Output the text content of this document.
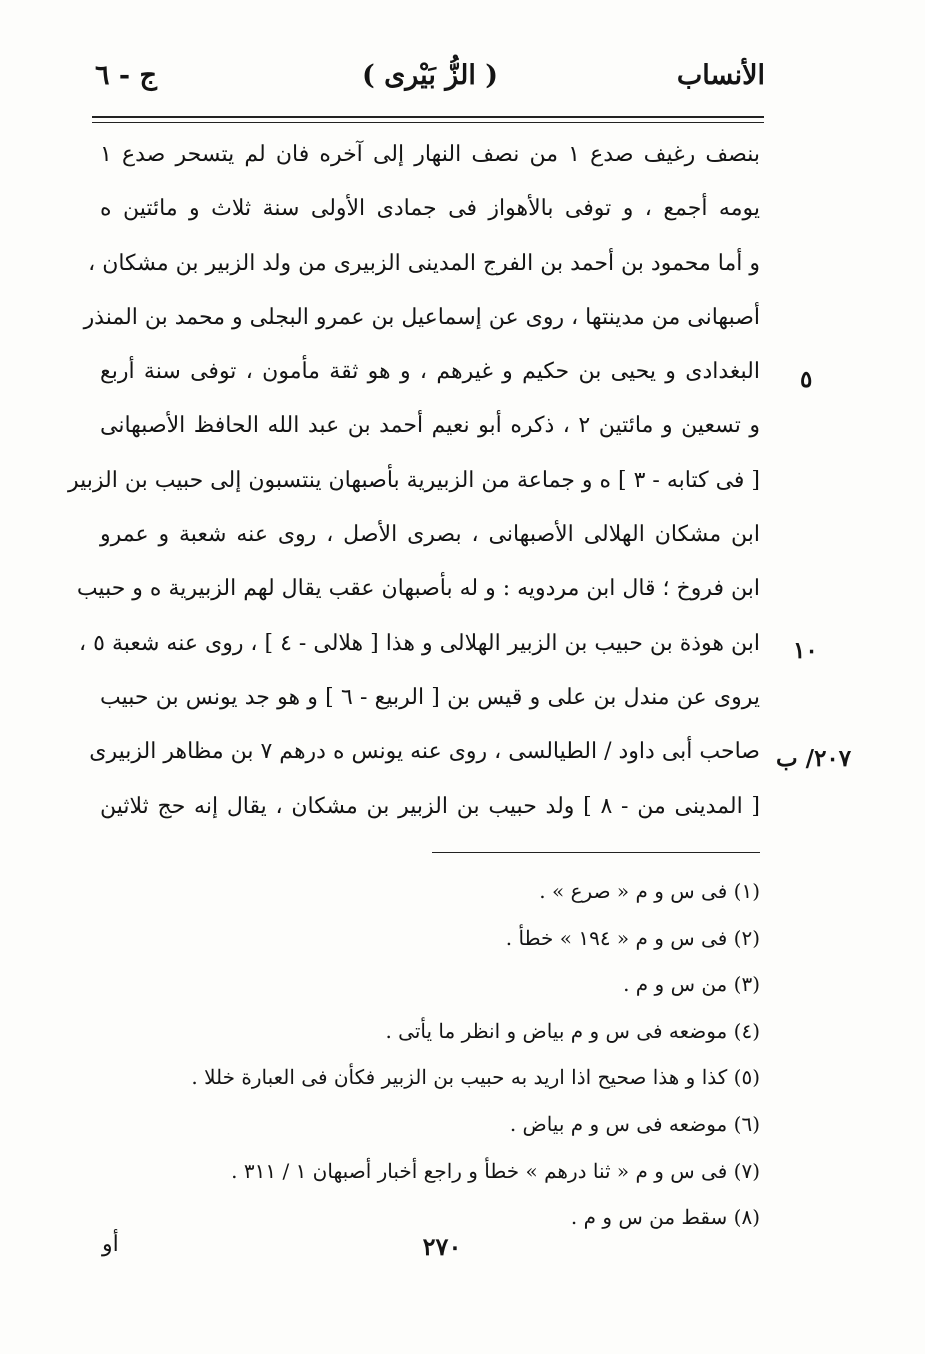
الأنساب
( الزُّ بَيْرى )
ج - ٦
بنصف رغيف صدع ١ من نصف النهار إلى آخره فان لم يتسحر صدع ١
يومه أجمع ، و توفى بالأهواز فى جمادى الأولى سنة ثلاث و مائتين ه
و أما محمود بن أحمد بن الفرج المدينى الزبيرى من ولد الزبير بن مشكان ،
أصبهانى من مدينتها ، روى عن إسماعيل بن عمرو البجلى و محمد بن المنذر
البغدادى و يحيى بن حكيم و غيرهم ، و هو ثقة مأمون ، توفى سنة أربع
و تسعين و مائتين ٢ ، ذكره أبو نعيم أحمد بن عبد الله الحافظ الأصبهانى
[ فى كتابه - ٣ ] ه و جماعة من الزبيرية بأصبهان ينتسبون إلى حبيب بن الزبير
ابن مشكان الهلالى الأصبهانى ، بصرى الأصل ، روى عنه شعبة و عمرو
ابن فروخ ؛ قال ابن مردويه : و له بأصبهان عقب يقال لهم الزبيرية ه و حبيب
ابن هوذة بن حبيب بن الزبير الهلالى و هذا [ هلالى - ٤ ] ، روى عنه شعبة ٥ ،
يروى عن مندل بن على و قيس بن [ الربيع - ٦ ] و هو جد يونس بن حبيب
صاحب أبى داود / الطيالسى ، روى عنه يونس ه درهم ٧ بن مظاهر الزبيرى
[ المدينى من - ٨ ] ولد حبيب بن الزبير بن مشكان ، يقال إنه حج ثلاثين
٥
١٠
٢٠٧/ ب
(١) فى س و م « صرع » .
(٢) فى س و م « ١٩٤ » خطأ .
(٣) من س و م .
(٤) موضعه فى س و م بياض و انظر ما يأتى .
(٥) كذا و هذا صحيح اذا اريد به حبيب بن الزبير فكأن فى العبارة خللا .
(٦) موضعه فى س و م بياض .
(٧) فى س و م « ثنا درهم » خطأ و راجع أخبار أصبهان ١ / ٣١١ .
(٨) سقط من س و م .
٢٧٠
أو
